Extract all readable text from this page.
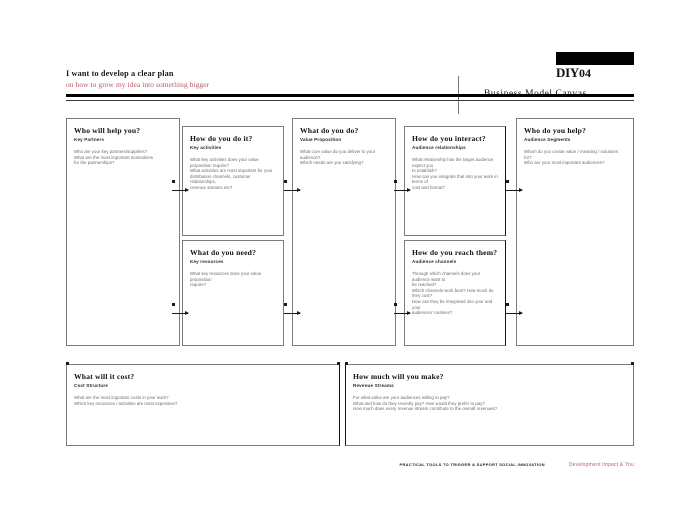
I want to develop a clear plan
on how to grow my idea into something bigger
DIY04

Who will help you?

Key Partners

Who are your key partners/suppliers?
What are the most important motivations
for the partnerships?

How do you do it?

Key activities

What key activities does your value
proposition require?
What activities are most important for your
distribution channels, customer relationships,
revenue streams etc?

What do you need?

Key resources

What key resources does your value proposition
require?

What do you do?

Value Proposition

What core value do you deliver to your audience?
Which needs are you satisfying?

How do you interact?

Audience relationships

What relationship has the target audience expect you
to establish?
How can you integrate that into your work in terms of
cost and format?

How do you reach them?

Audience channels

Through which channels does your audience want to
be reached?
Which channels work best? How much do they cost?
How can they be integrated into your and your
audiences' routines?

Who do you help?

Audience Segments

Whom do you create value / meaning / solutions for?
Who are your most important audiences?

What will it cost?

Cost Structure

What are the most important costs in your work?
Which key resources / activities are most expensive?

How much will you make?

Revenue Streams

For what value are your audiences willing to pay?
What and how do they recently pay? How would they prefer to pay?
How much does every revenue stream contribute to the overall revenues?
PRACTICAL TOOLS TO TRIGGER & SUPPORT SOCIAL INNOVATION	Development Impact & You
